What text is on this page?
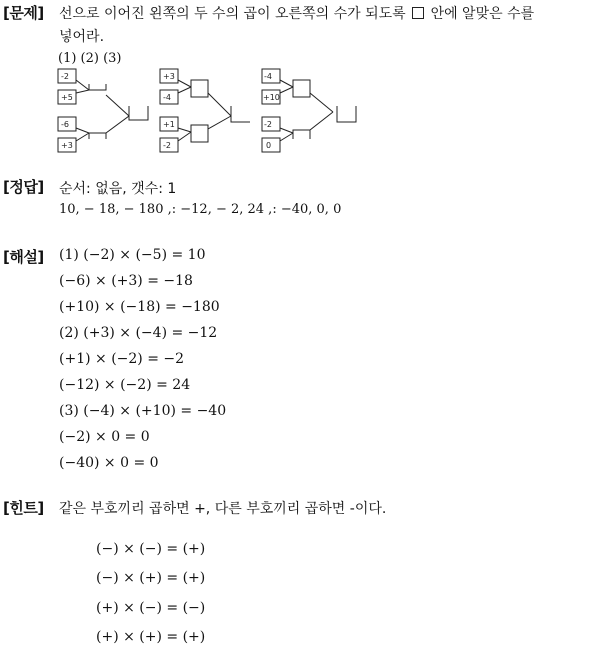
[문제] 선으로 이어진 왼쪽의 두 수의 곱이 오른쪽의 수가 되도록 안에 알맞은 수를
넣어라.
(1) (2) (3)
-2
+5
-6
+3
+3
-4
+1
-2
-4
+10
-2
0
[정답] 순서: 없음, 갯수: 1
10, − 18, − 180 ,: −12, − 2, 24 ,: −40, 0, 0
[해설] (1) (−2) × (−5) = 10
(−6) × (+3) = −18
(+10) × (−18) = −180
(2) (+3) × (−4) = −12
(+1) × (−2) = −2
(−12) × (−2) = 24
(3) (−4) × (+10) = −40
(−2) × 0 = 0
(−40) × 0 = 0
[힌트] 같은 부호끼리 곱하면 +, 다른 부호끼리 곱하면 -이다.
(−) × (−) = (+)
(−) × (+) = (+)
(+) × (−) = (−)
(+) × (+) = (+)
